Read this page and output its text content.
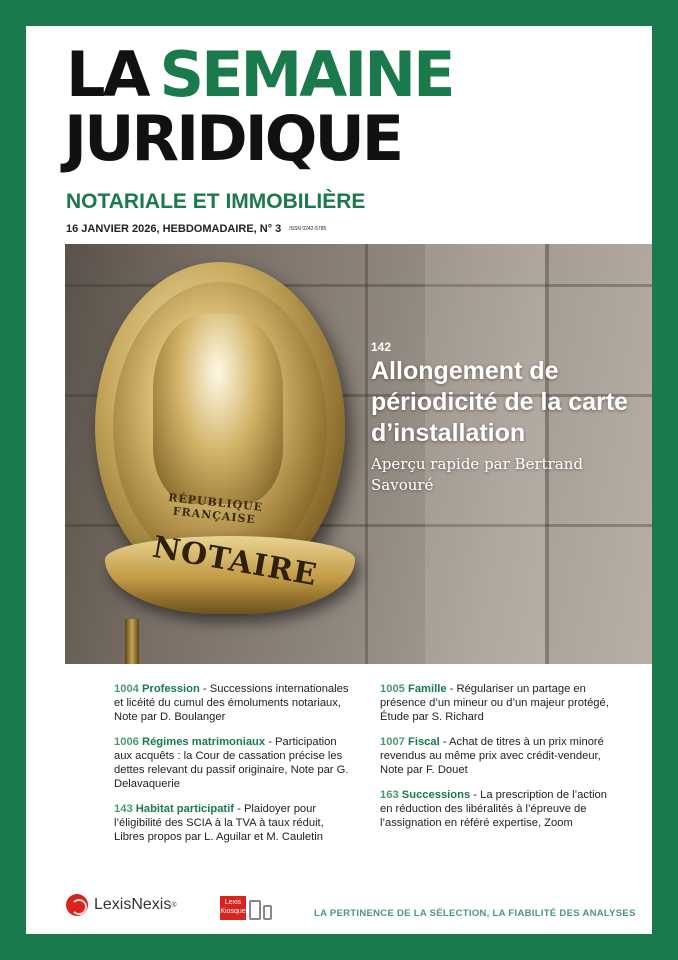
LA SEMAINE
JURIDIQUE
NOTARIALE ET IMMOBILIÈRE
16 JANVIER 2026, HEBDOMADAIRE, N° 3 ISSN 0242-5785
RÉPUBLIQUE FRANÇAISE
NOTAIRE
142
Allongement de périodicité de la carte d’installation
Aperçu rapide par Bertrand Savouré
1004 Profession - Successions internationales et licéité du cumul des émoluments notariaux, Note par D. Boulanger
1006 Régimes matrimoniaux - Participation aux acquêts : la Cour de cassation précise les dettes relevant du passif originaire, Note par G. Delavaquerie
143 Habitat participatif - Plaidoyer pour l’éligibilité des SCIA à la TVA à taux réduit, Libres propos par L. Aguilar et M. Cauletin
1005 Famille - Régulariser un partage en présence d’un mineur ou d’un majeur protégé, Étude par S. Richard
1007 Fiscal - Achat de titres à un prix minoré revendus au même prix avec crédit-vendeur, Note par F. Douet
163 Successions - La prescription de l’action en réduction des libéralités à l’épreuve de l’assignation en référé expertise, Zoom
LexisNexis ®	Lexis
Kiosque	LA PERTINENCE DE LA SÉLECTION, LA FIABILITÉ DES ANALYSES
